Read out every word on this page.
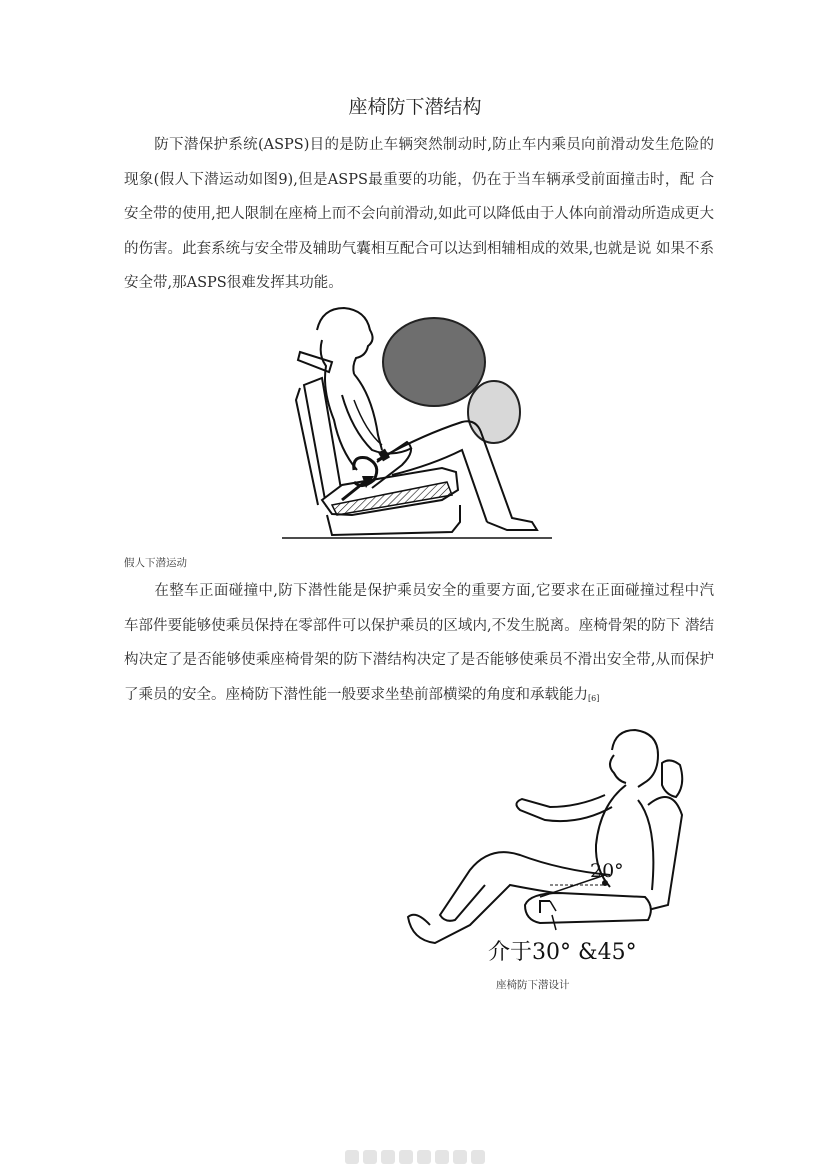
座椅防下潜结构
防下潜保护系统(ASPS)目的是防止车辆突然制动时,防止车内乘员向前滑动发生危险的现象(假人下潜运动如图9),但是ASPS最重要的功能，仍在于当车辆承受前面撞击时，配 合安全带的使用,把人限制在座椅上而不会向前滑动,如此可以降低由于人体向前滑动所造成更大的伤害。此套系统与安全带及辅助气囊相互配合可以达到相辅相成的效果,也就是说 如果不系安全带,那ASPS很难发挥其功能。
假人下潜运动
在整车正面碰撞中,防下潜性能是保护乘员安全的重要方面,它要求在正面碰撞过程中汽车部件要能够使乘员保持在零部件可以保护乘员的区域内,不发生脱离。座椅骨架的防下 潜结构决定了是否能够使乘座椅骨架的防下潜结构决定了是否能够使乘员不滑出安全带,从而保护了乘员的安全。座椅防下潜性能一般要求坐垫前部横梁的角度和承载能力[6]
20°
介于30° &45°
座椅防下潜设计
